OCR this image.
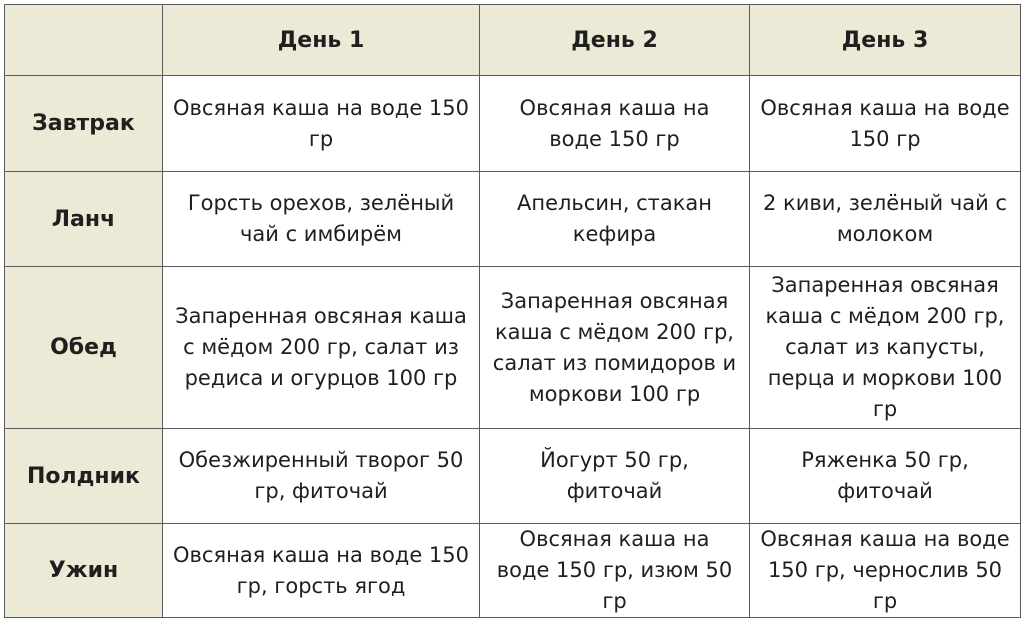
	День 1	День 2	День 3
Завтрак	Овсяная каша на воде 150 гр	Овсяная каша на воде 150 гр	Овсяная каша на воде 150 гр
Ланч	Горсть орехов, зелёный чай с имбирём	Апельсин, стакан кефира	2 киви, зелёный чай с молоком
Обед	Запаренная овсяная каша с мёдом 200 гр, салат из редиса и огурцов 100 гр	Запаренная овсяная каша с мёдом 200 гр, салат из помидоров и моркови 100 гр	Запаренная овсяная каша с мёдом 200 гр, салат из капусты, перца и моркови 100 гр
Полдник	Обезжиренный творог 50 гр, фиточай	Йогурт 50 гр, фиточай	Ряженка 50 гр, фиточай
Ужин	Овсяная каша на воде 150 гр, горсть ягод	Овсяная каша на воде 150 гр, изюм 50 гр	Овсяная каша на воде 150 гр, чернослив 50 гр
